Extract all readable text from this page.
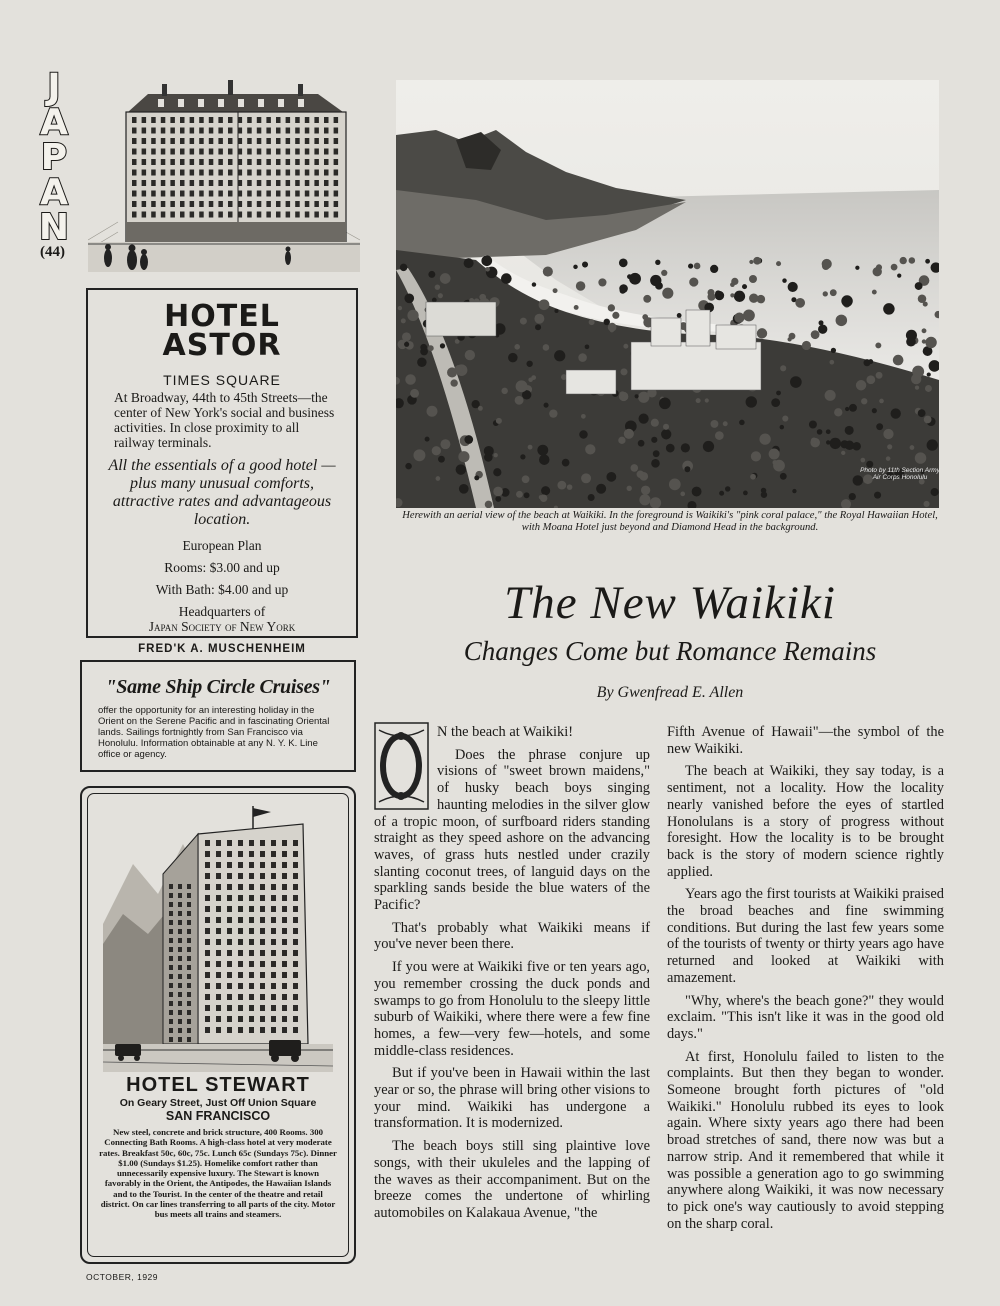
J
A
P
A
N
(44)
HOTEL
ASTOR
TIMES SQUARE
At Broadway, 44th to 45th Streets—the center of New York's social and business activities. In close proximity to all railway terminals.
All the essentials of a good hotel —plus many unusual comforts, attractive rates and advantageous location.
European Plan
Rooms: $3.00 and up
With Bath: $4.00 and up
Headquarters of
Japan Society of New York
FRED'K A. MUSCHENHEIM
"Same Ship Circle Cruises"
offer the opportunity for an interesting holiday in the Orient on the Serene Pacific and in fascinating Oriental lands. Sailings fortnightly from San Francisco via Honolulu. Information obtainable at any N. Y. K. Line office or agency.
HOTEL STEWART
On Geary Street, Just Off Union Square
SAN FRANCISCO
New steel, concrete and brick structure, 400 Rooms. 300 Connecting Bath Rooms. A high-class hotel at very moderate rates. Breakfast 50c, 60c, 75c. Lunch 65c (Sundays 75c). Dinner $1.00 (Sundays $1.25). Homelike comfort rather than unnecessarily expensive luxury. The Stewart is known favorably in the Orient, the Antipodes, the Hawaiian Islands and to the Tourist. In the center of the theatre and retail district. On car lines transferring to all parts of the city. Motor bus meets all trains and steamers.
OCTOBER, 1929
Photo by 11th Section Army Air Corps Honolulu
Herewith an aerial view of the beach at Waikiki. In the foreground is Waikiki's "pink coral palace," the Royal Hawaiian Hotel, with Moana Hotel just beyond and Diamond Head in the background.
The New Waikiki
Changes Come but Romance Remains
By Gwenfread E. Allen

N the beach at Waikiki!

Does the phrase conjure up visions of "sweet brown maidens," of husky beach boys singing haunting melodies in the silver glow of a tropic moon, of surfboard riders standing straight as they speed ashore on the advancing waves, of grass huts nestled under crazily slanting coconut trees, of languid days on the sparkling sands beside the blue waters of the Pacific?

That's probably what Waikiki means if you've never been there.

If you were at Waikiki five or ten years ago, you remember crossing the duck ponds and swamps to go from Honolulu to the sleepy little suburb of Waikiki, where there were a few fine homes, a few—very few—hotels, and some middle-class residences.

But if you've been in Hawaii within the last year or so, the phrase will bring other visions to your mind. Waikiki has undergone a transformation. It is modernized.

The beach boys still sing plaintive love songs, with their ukuleles and the lapping of the waves as their accompaniment. But on the breeze comes the undertone of whirling automobiles on Kalakaua Avenue, "the

Fifth Avenue of Hawaii"—the symbol of the new Waikiki.

The beach at Waikiki, they say today, is a sentiment, not a locality. How the locality nearly vanished before the eyes of startled Honolulans is a story of progress without foresight. How the locality is to be brought back is the story of modern science rightly applied.

Years ago the first tourists at Waikiki praised the broad beaches and fine swimming conditions. But during the last few years some of the tourists of twenty or thirty years ago have returned and looked at Waikiki with amazement.

"Why, where's the beach gone?" they would exclaim. "This isn't like it was in the good old days."

At first, Honolulu failed to listen to the complaints. But then they began to wonder. Someone brought forth pictures of "old Waikiki." Honolulu rubbed its eyes to look again. Where sixty years ago there had been broad stretches of sand, there now was but a narrow strip. And it remembered that while it was possible a generation ago to go swimming anywhere along Waikiki, it was now necessary to pick one's way cautiously to avoid stepping on the sharp coral.
